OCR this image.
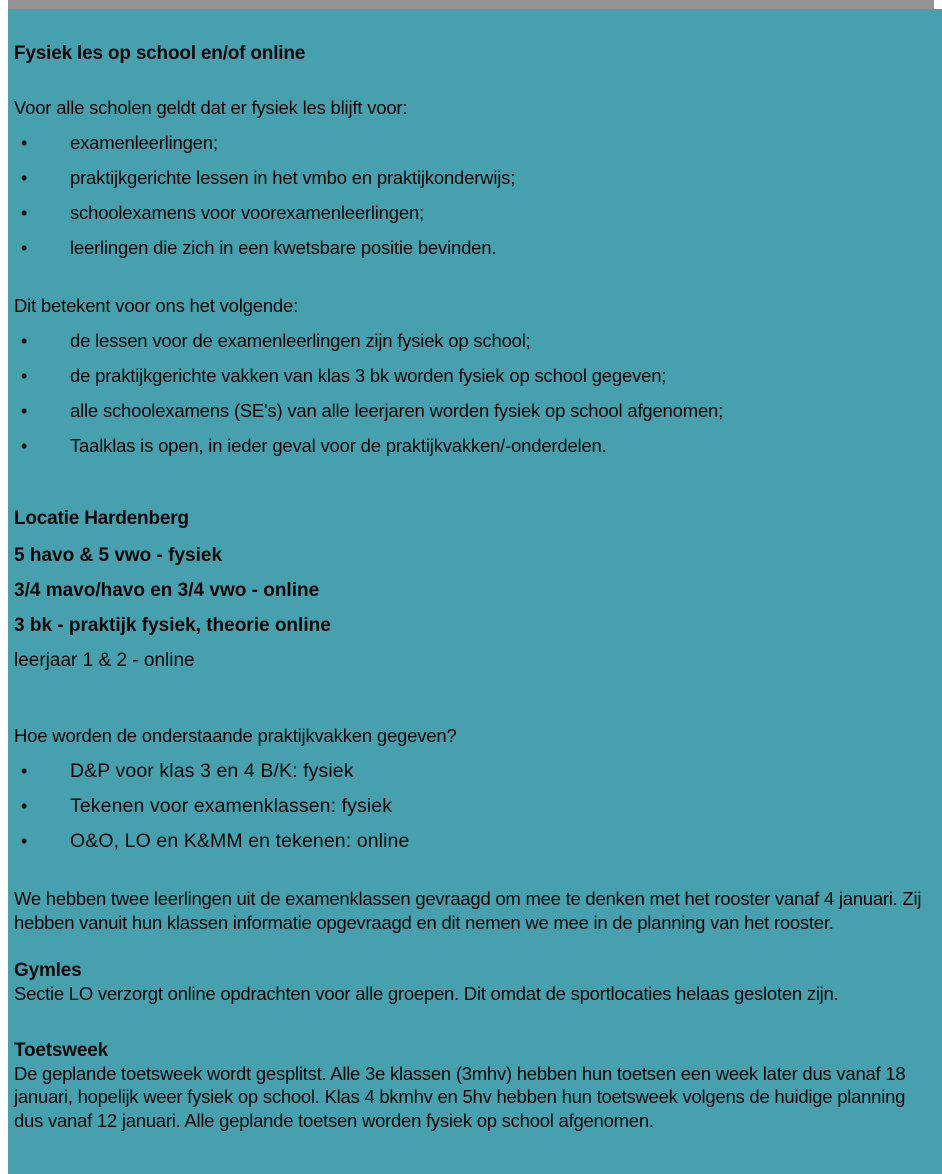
Fysiek les op school en/of online
Voor alle scholen geldt dat er fysiek les blijft voor:
• examenleerlingen;
• praktijkgerichte lessen in het vmbo en praktijkonderwijs;
• schoolexamens voor voorexamenleerlingen;
• leerlingen die zich in een kwetsbare positie bevinden.
Dit betekent voor ons het volgende:
• de lessen voor de examenleerlingen zijn fysiek op school;
• de praktijkgerichte vakken van klas 3 bk worden fysiek op school gegeven;
• alle schoolexamens (SE's) van alle leerjaren worden fysiek op school afgenomen;
• Taalklas is open, in ieder geval voor de praktijkvakken/-onderdelen.
Locatie Hardenberg
5 havo & 5 vwo - fysiek
3/4 mavo/havo en 3/4 vwo - online
3 bk - praktijk fysiek, theorie online
leerjaar 1 & 2 - online
Hoe worden de onderstaande praktijkvakken gegeven?
• D&P voor klas 3 en 4 B/K: fysiek
• Tekenen voor examenklassen: fysiek
• O&O, LO en K&MM en tekenen: online
We hebben twee leerlingen uit de examenklassen gevraagd om mee te denken met het rooster vanaf 4 januari. Zij hebben vanuit hun klassen informatie opgevraagd en dit nemen we mee in de planning van het rooster.
Gymles
Sectie LO verzorgt online opdrachten voor alle groepen. Dit omdat de sportlocaties helaas gesloten zijn.
Toetsweek
De geplande toetsweek wordt gesplitst. Alle 3e klassen (3mhv) hebben hun toetsen een week later dus vanaf 18 januari, hopelijk weer fysiek op school. Klas 4 bkmhv en 5hv hebben hun toetsweek volgens de huidige planning dus vanaf 12 januari. Alle geplande toetsen worden fysiek op school afgenomen.
